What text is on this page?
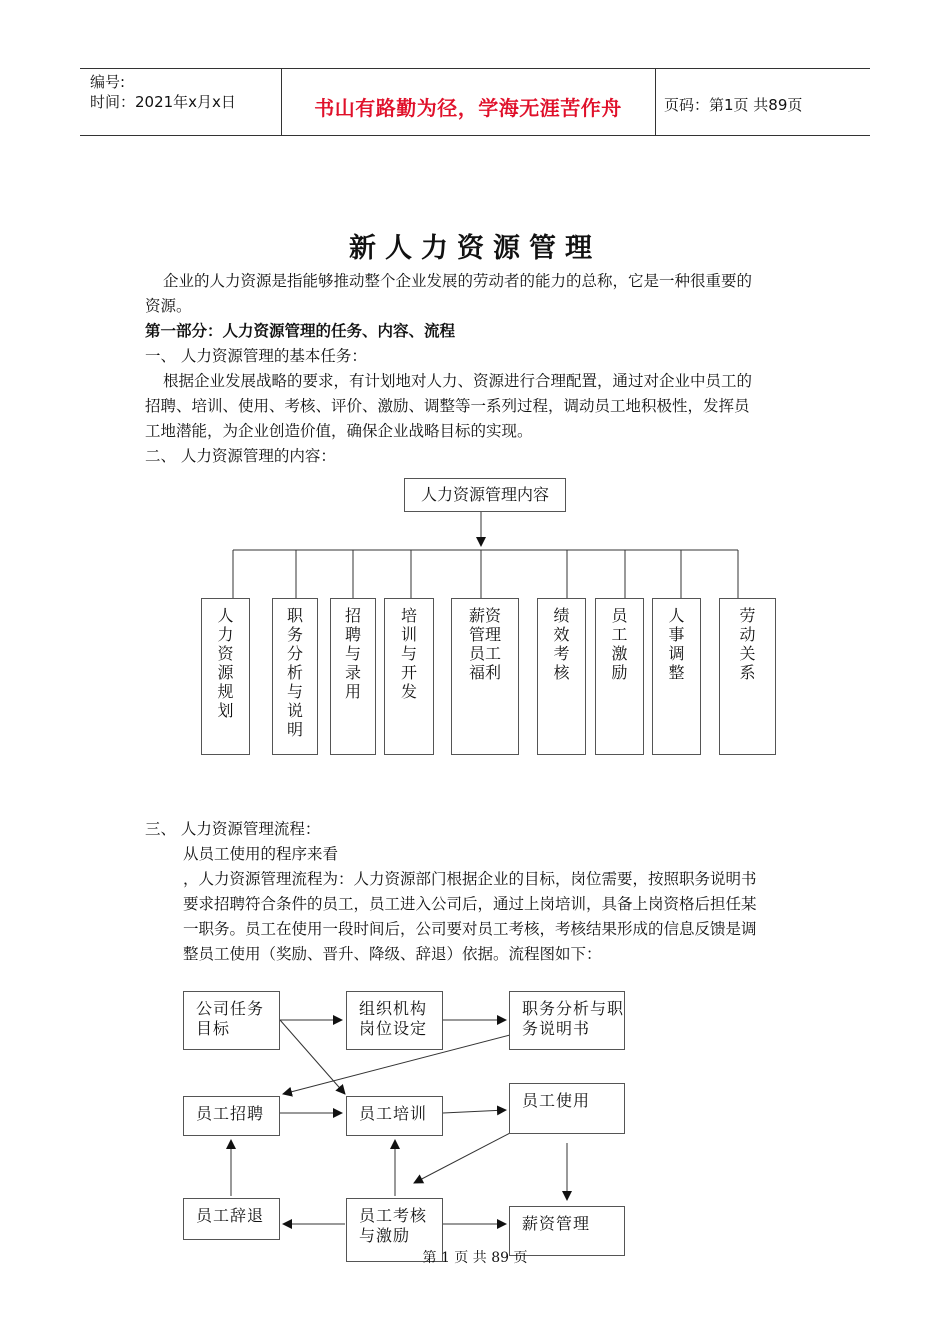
编号:
时间：2021年x月x日	书山有路勤为径，学海无涯苦作舟	页码：第1页 共89页
新人力资源管理
企业的人力资源是指能够推动整个企业发展的劳动者的能力的总称，它是一种很重要的
资源。
第一部分：人力资源管理的任务、内容、流程
一、 人力资源管理的基本任务：
根据企业发展战略的要求，有计划地对人力、资源进行合理配置，通过对企业中员工的
招聘、培训、使用、考核、评价、激励、调整等一系列过程，调动员工地积极性，发挥员
工地潜能，为企业创造价值，确保企业战略目标的实现。
二、 人力资源管理的内容：
人力资源管理内容
人力资源规划
职务分析与说明
招聘与录用
培训与开发
薪资管理员工福利
绩效考核
员工激励
人事调整
劳动关系
三、 人力资源管理流程：
从员工使用的程序来看
，人力资源管理流程为：人力资源部门根据企业的目标，岗位需要，按照职务说明书
要求招聘符合条件的员工，员工进入公司后，通过上岗培训，具备上岗资格后担任某
一职务。员工在使用一段时间后，公司要对员工考核，考核结果形成的信息反馈是调
整员工使用（奖励、晋升、降级、辞退）依据。流程图如下：
公司任务目标
组织机构岗位设定
职务分析与职务说明书
员工招聘	员工培训
员工使用
员工辞退	员工考核与激励
薪资管理
第 1 页 共 89 页
